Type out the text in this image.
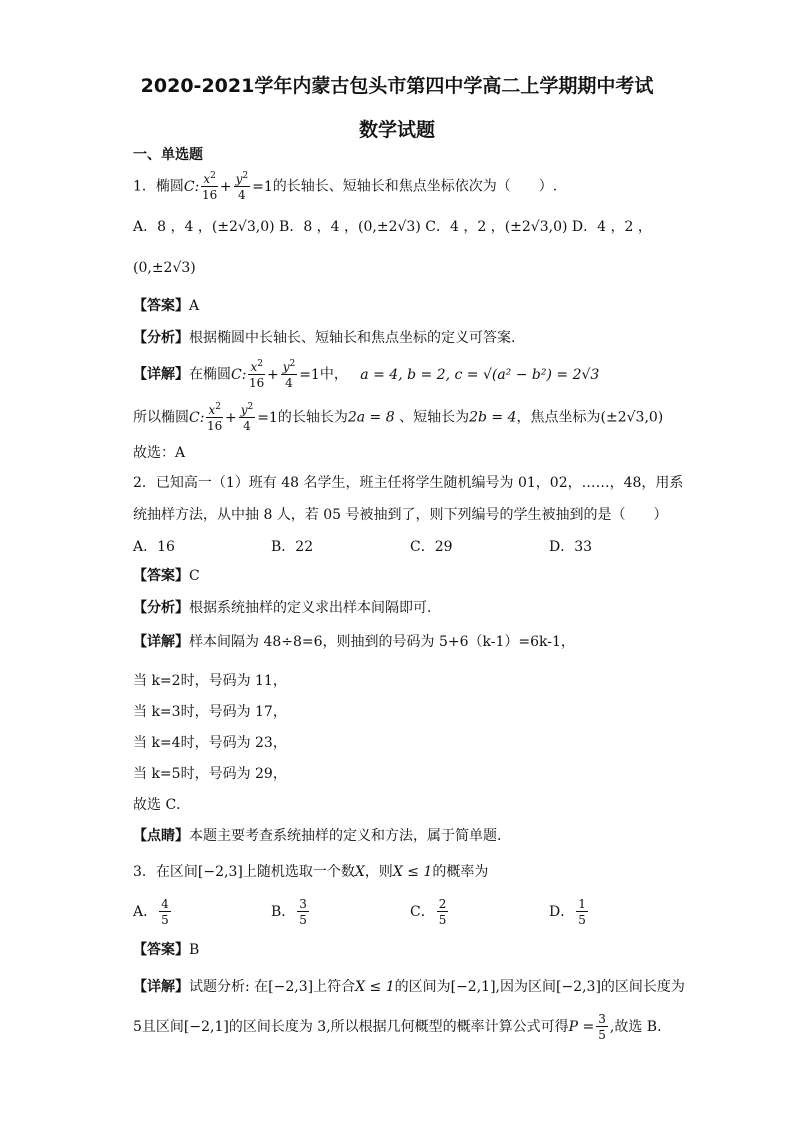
2020-2021学年内蒙古包头市第四中学高二上学期期中考试
数学试题
一、单选题
1．椭圆C: $\frac{x^2}{16} + \frac{y^2}{4} =1$的长轴长、短轴长和焦点坐标依次为（　　）.
A．8 ，4 ，(±2√3,0) B．8 ，4 ，(0,±2√3) C．4 ，2 ，(±2√3,0) D．4 ，2 ，
(0,±2√3)
【答案】A
【分析】根据椭圆中长轴长、短轴长和焦点坐标的定义可答案.
【详解】在椭圆C: $\frac{x^2}{16} + \frac{y^2}{4} =1$中， a = 4, b = 2, c = √(a² − b²) = 2√3
所以椭圆C: $\frac{x^2}{16} + \frac{y^2}{4} =1$的长轴长为2a = 8 、短轴长为2b = 4，焦点坐标为(±2√3,0)
故选：A
2．已知高一（1）班有 48 名学生，班主任将学生随机编号为 01，02，……，48，用系
统抽样方法，从中抽 8 人，若 05 号被抽到了，则下列编号的学生被抽到的是（　　）
A．16	B．22	C．29	D．33
【答案】C
【分析】根据系统抽样的定义求出样本间隔即可.
【详解】样本间隔为 48÷8=6，则抽到的号码为 5+6（k-1）=6k-1，
当 k=2时，号码为 11，
当 k=3时，号码为 17，
当 k=4时，号码为 23，
当 k=5时，号码为 29，
故选 C．
【点睛】本题主要考查系统抽样的定义和方法，属于简单题．
3．在区间[−2,3]上随机选取一个数X，则X ≤ 1的概率为
A． $\frac{4}{5}$	B． $\frac{3}{5}$	C． $\frac{2}{5}$	D． $\frac{1}{5}$
【答案】B
【详解】试题分析: 在[−2,3]上符合X ≤ 1的区间为[−2,1],因为区间[−2,3]的区间长度为
5且区间[−2,1]的区间长度为 3,所以根据几何概型的概率计算公式可得$P = \frac{3}{5}$ ,故选 B.
